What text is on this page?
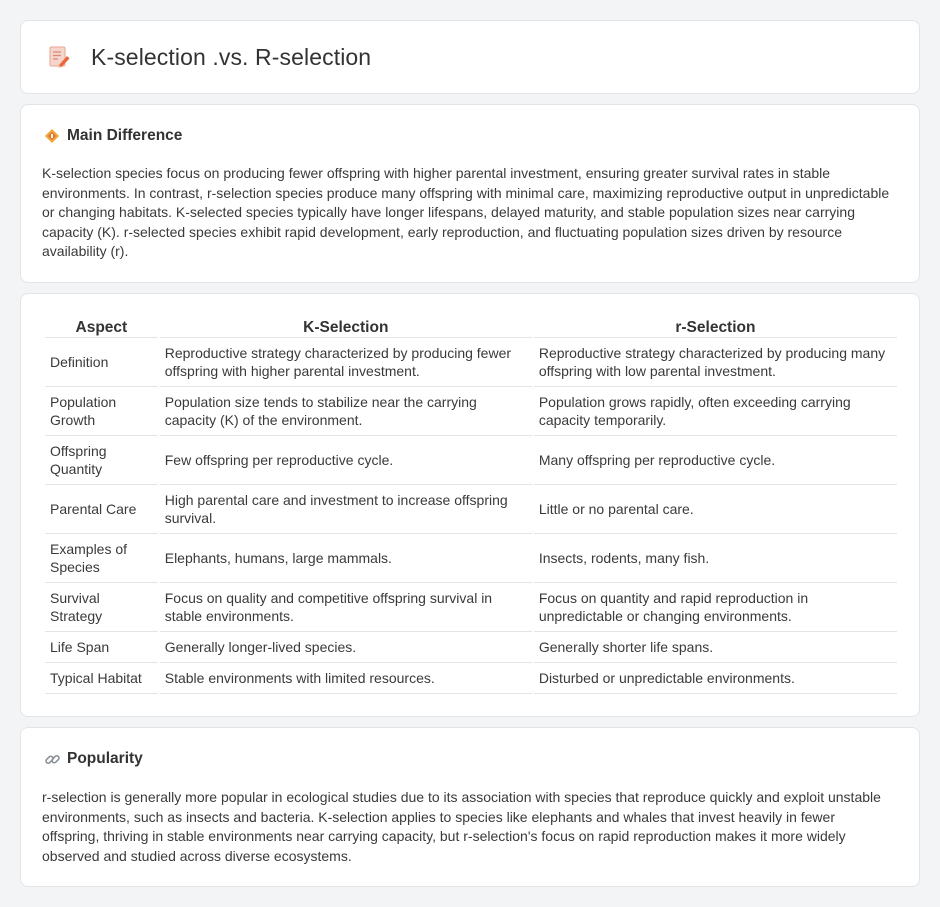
K-selection .vs. R-selection
Main Difference

K-selection species focus on producing fewer offspring with higher parental investment, ensuring greater survival rates in stable environments. In contrast, r-selection species produce many offspring with minimal care, maximizing reproductive output in unpredictable or changing habitats. K-selected species typically have longer lifespans, delayed maturity, and stable population sizes near carrying capacity (K). r-selected species exhibit rapid development, early reproduction, and fluctuating population sizes driven by resource availability (r).

Aspect	K-Selection	r-Selection
Definition	Reproductive strategy characterized by producing fewer offspring with higher parental investment.	Reproductive strategy characterized by producing many offspring with low parental investment.
Population Growth	Population size tends to stabilize near the carrying capacity (K) of the environment.	Population grows rapidly, often exceeding carrying capacity temporarily.
Offspring Quantity	Few offspring per reproductive cycle.	Many offspring per reproductive cycle.
Parental Care	High parental care and investment to increase offspring survival.	Little or no parental care.
Examples of Species	Elephants, humans, large mammals.	Insects, rodents, many fish.
Survival Strategy	Focus on quality and competitive offspring survival in stable environments.	Focus on quantity and rapid reproduction in unpredictable or changing environments.
Life Span	Generally longer-lived species.	Generally shorter life spans.
Typical Habitat	Stable environments with limited resources.	Disturbed or unpredictable environments.
Popularity

r-selection is generally more popular in ecological studies due to its association with species that reproduce quickly and exploit unstable environments, such as insects and bacteria. K-selection applies to species like elephants and whales that invest heavily in fewer offspring, thriving in stable environments near carrying capacity, but r-selection's focus on rapid reproduction makes it more widely observed and studied across diverse ecosystems.
